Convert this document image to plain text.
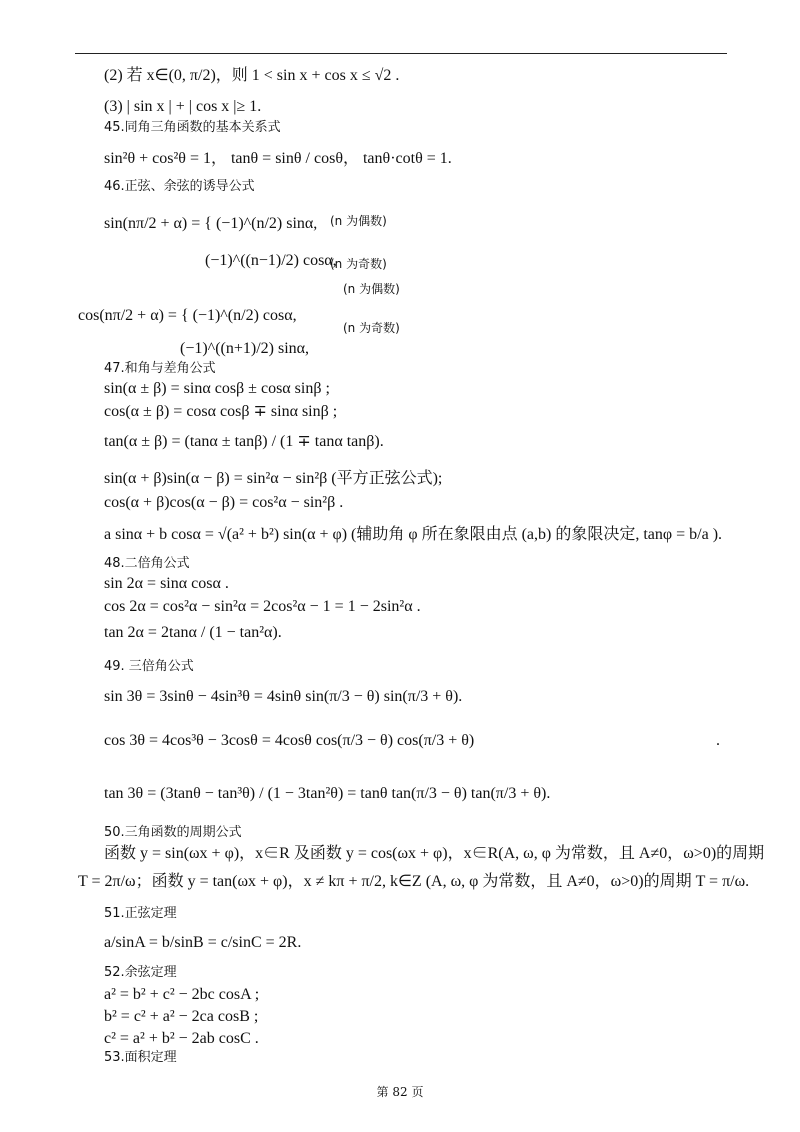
(2) 若 x∈(0, π/2)，则 1 < sin x + cos x ≤ √2 .
(3) | sin x | + | cos x |≥ 1.
45.同角三角函数的基本关系式
sin²θ + cos²θ = 1， tanθ = sinθ / cosθ， tanθ·cotθ = 1.
46.正弦、余弦的诱导公式
sin(nπ/2 + α) = { (−1)^(n/2) sinα, (n 为偶数)
(−1)^((n−1)/2) cosα,
(n 为奇数)
(n 为偶数)
cos(nπ/2 + α) = { (−1)^(n/2) cosα,
(n 为奇数)
(−1)^((n+1)/2) sinα,
47.和角与差角公式
sin(α ± β) = sinα cosβ ± cosα sinβ ;
cos(α ± β) = cosα cosβ ∓ sinα sinβ ;
tan(α ± β) = (tanα ± tanβ) / (1 ∓ tanα tanβ).
sin(α + β)sin(α − β) = sin²α − sin²β (平方正弦公式);
cos(α + β)cos(α − β) = cos²α − sin²β .
a sinα + b cosα = √(a² + b²) sin(α + φ) (辅助角 φ 所在象限由点 (a,b) 的象限决定, tanφ = b/a ).
48.二倍角公式
sin 2α = sinα cosα .
cos 2α = cos²α − sin²α = 2cos²α − 1 = 1 − 2sin²α .
tan 2α = 2tanα / (1 − tan²α).
49. 三倍角公式
sin 3θ = 3sinθ − 4sin³θ = 4sinθ sin(π/3 − θ) sin(π/3 + θ).
cos 3θ = 4cos³θ − 3cosθ = 4cosθ cos(π/3 − θ) cos(π/3 + θ)	.
tan 3θ = (3tanθ − tan³θ) / (1 − 3tan²θ) = tanθ tan(π/3 − θ) tan(π/3 + θ).
50.三角函数的周期公式
函数 y = sin(ωx + φ)，x∈R 及函数 y = cos(ωx + φ)，x∈R(A, ω, φ 为常数，且 A≠0，ω>0)的周期
T = 2π/ω；函数 y = tan(ωx + φ)，x ≠ kπ + π/2, k∈Z (A, ω, φ 为常数，且 A≠0，ω>0)的周期 T = π/ω.
51.正弦定理
a/sinA = b/sinB = c/sinC = 2R.
52.余弦定理
a² = b² + c² − 2bc cosA ;
b² = c² + a² − 2ca cosB ;
c² = a² + b² − 2ab cosC .
53.面积定理
第 82 页
